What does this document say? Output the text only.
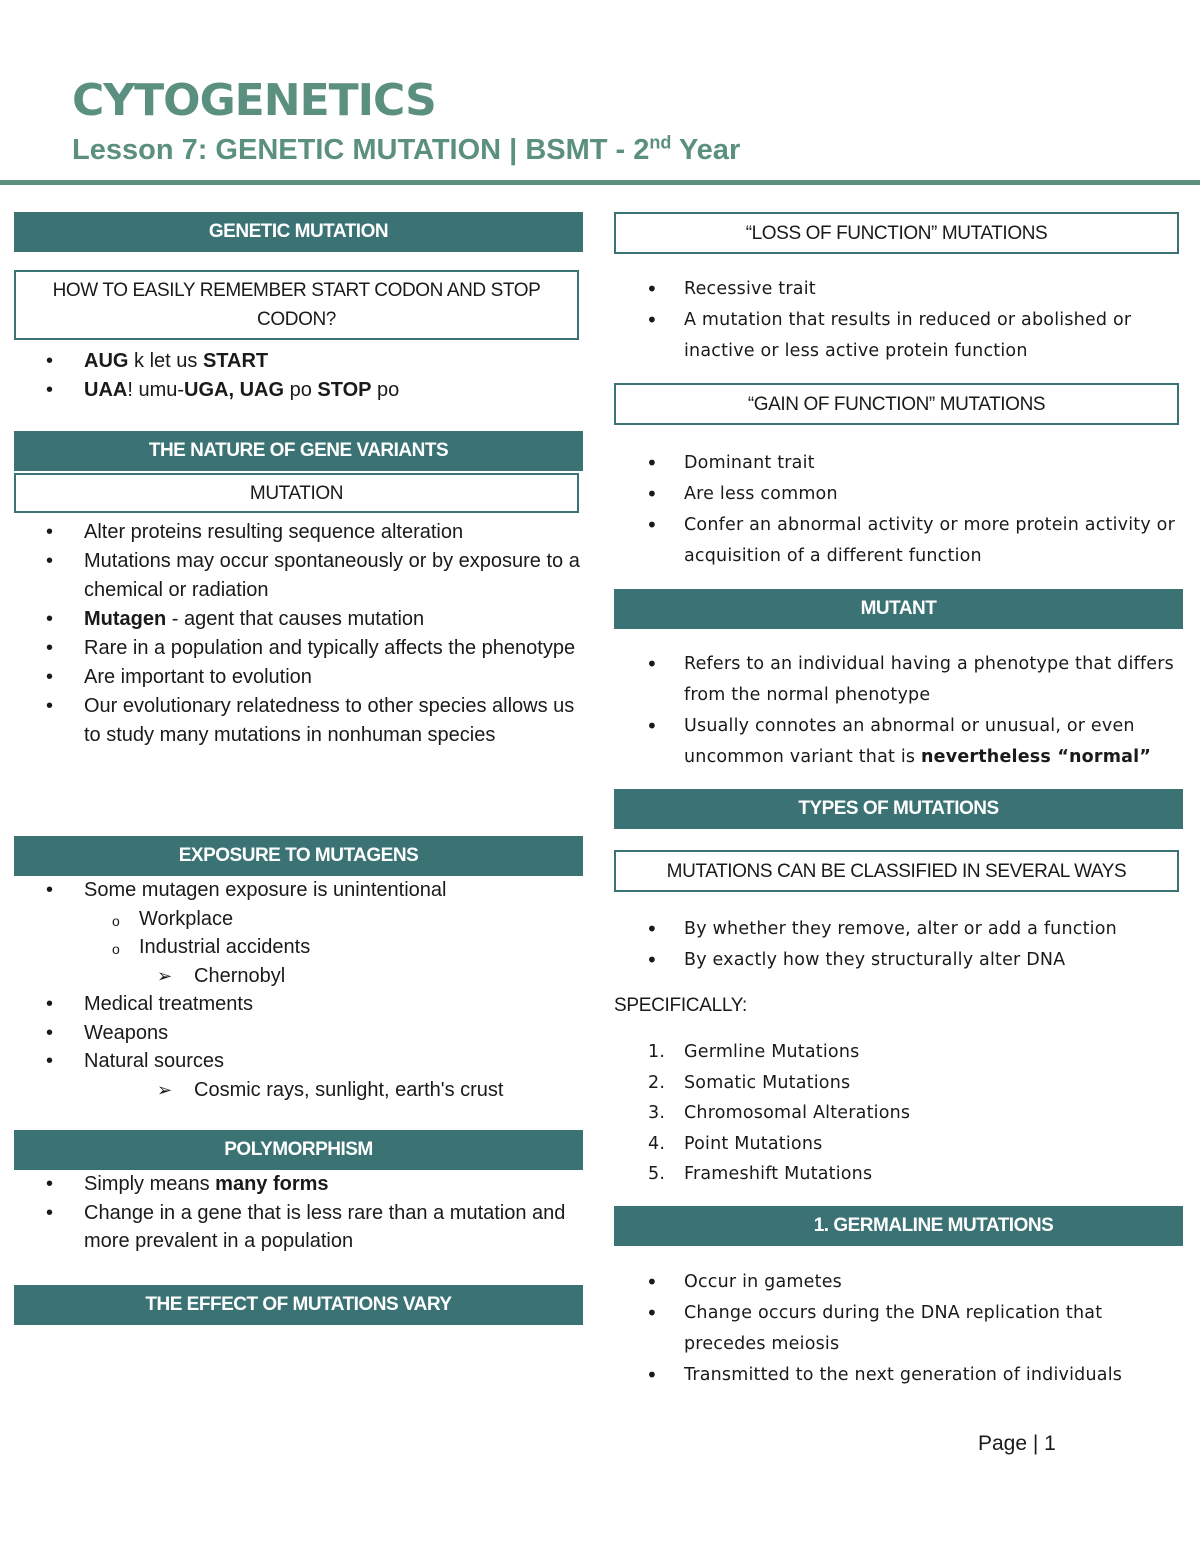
CYTOGENETICS
Lesson 7: GENETIC MUTATION | BSMT - 2nd Year
GENETIC MUTATION
HOW TO EASILY REMEMBER START CODON AND STOP CODON?
• AUG k let us START
• UAA! umu-UGA, UAG po STOP po
THE NATURE OF GENE VARIANTS
MUTATION
• Alter proteins resulting sequence alteration
• Mutations may occur spontaneously or by exposure to a chemical or radiation
• Mutagen - agent that causes mutation
• Rare in a population and typically affects the phenotype
• Are important to evolution
• Our evolutionary relatedness to other species allows us to study many mutations in nonhuman species
EXPOSURE TO MUTAGENS
• Some mutagen exposure is unintentional
o Workplace
o Industrial accidents
➢ Chernobyl
• Medical treatments
• Weapons
• Natural sources
➢ Cosmic rays, sunlight, earth's crust
POLYMORPHISM
• Simply means many forms
• Change in a gene that is less rare than a mutation and more prevalent in a population
THE EFFECT OF MUTATIONS VARY
“LOSS OF FUNCTION” MUTATIONS
• Recessive trait
• A mutation that results in reduced or abolished or inactive or less active protein function
“GAIN OF FUNCTION” MUTATIONS
• Dominant trait
• Are less common
• Confer an abnormal activity or more protein activity or acquisition of a different function
MUTANT
• Refers to an individual having a phenotype that differs from the normal phenotype
• Usually connotes an abnormal or unusual, or even uncommon variant that is nevertheless “normal”
TYPES OF MUTATIONS
MUTATIONS CAN BE CLASSIFIED IN SEVERAL WAYS
• By whether they remove, alter or add a function
• By exactly how they structurally alter DNA
SPECIFICALLY:
1. Germline Mutations
2. Somatic Mutations
3. Chromosomal Alterations
4. Point Mutations
5. Frameshift Mutations
1. GERMALINE MUTATIONS
• Occur in gametes
• Change occurs during the DNA replication that precedes meiosis
• Transmitted to the next generation of individuals
Page | 1
